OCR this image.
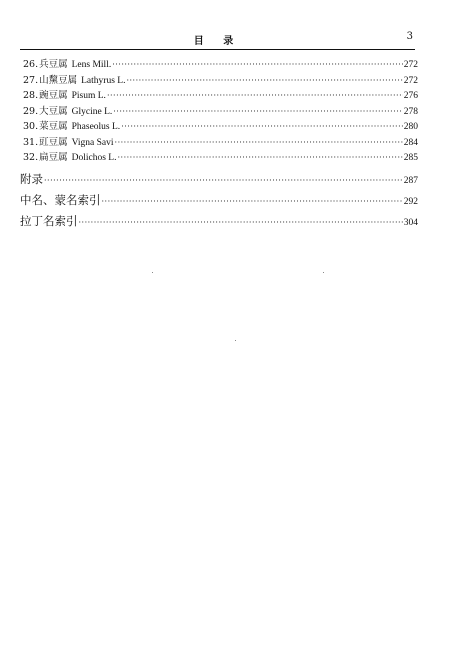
目 录	3
26. 兵豆属 Lens Mill. ·····	272
27. 山黧豆属 Lathyrus L. ·····	272
28. 豌豆属 Pisum L. ·····	276
29. 大豆属 Glycine L. ·····	278
30. 菜豆属 Phaseolus L. ·····	280
31. 豇豆属 Vigna Savi ·····	284
32. 扁豆属 Dolichos L. ·····	285
附录 ·····	287
中名、蒙名索引 ·····	292
拉丁名索引 ·····	304
